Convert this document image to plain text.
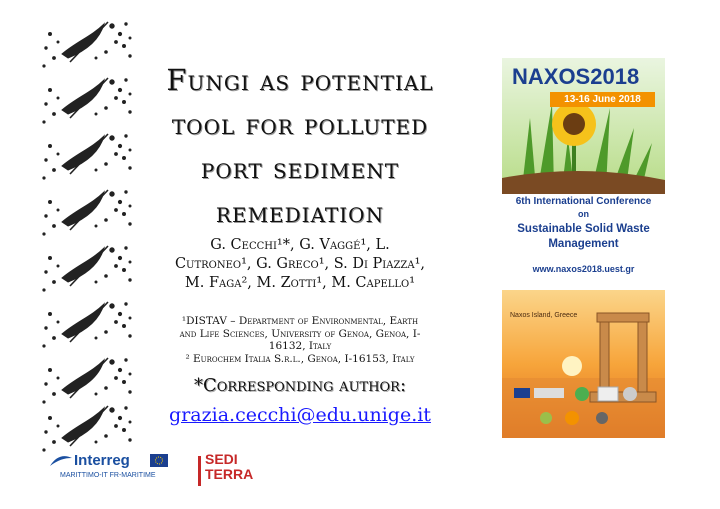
Fungi as potential
tool for polluted
port sediment
remediation
G. Cecchi¹*, G. Vaggé¹, L.
Cutroneo¹, G. Greco¹, S. Di Piazza¹,
M. Faga², M. Zotti¹, M. Capello¹
¹DISTAV – Department of Environmental, Earth
and Life Sciences, University of Genoa, Genoa, I-
16132, Italy
² Eurochem Italia S.r.l., Genoa, I-16153, Italy
*Corresponding author:
grazia.cecchi@edu.unige.it
NAXOS2018
13-16 June 2018
6th International Conference
on
Sustainable Solid Waste
Management
www.naxos2018.uest.gr
Naxos Island, Greece
Interreg
MARITTIMO-IT FR-MARITIME
SEDI
TERRA
